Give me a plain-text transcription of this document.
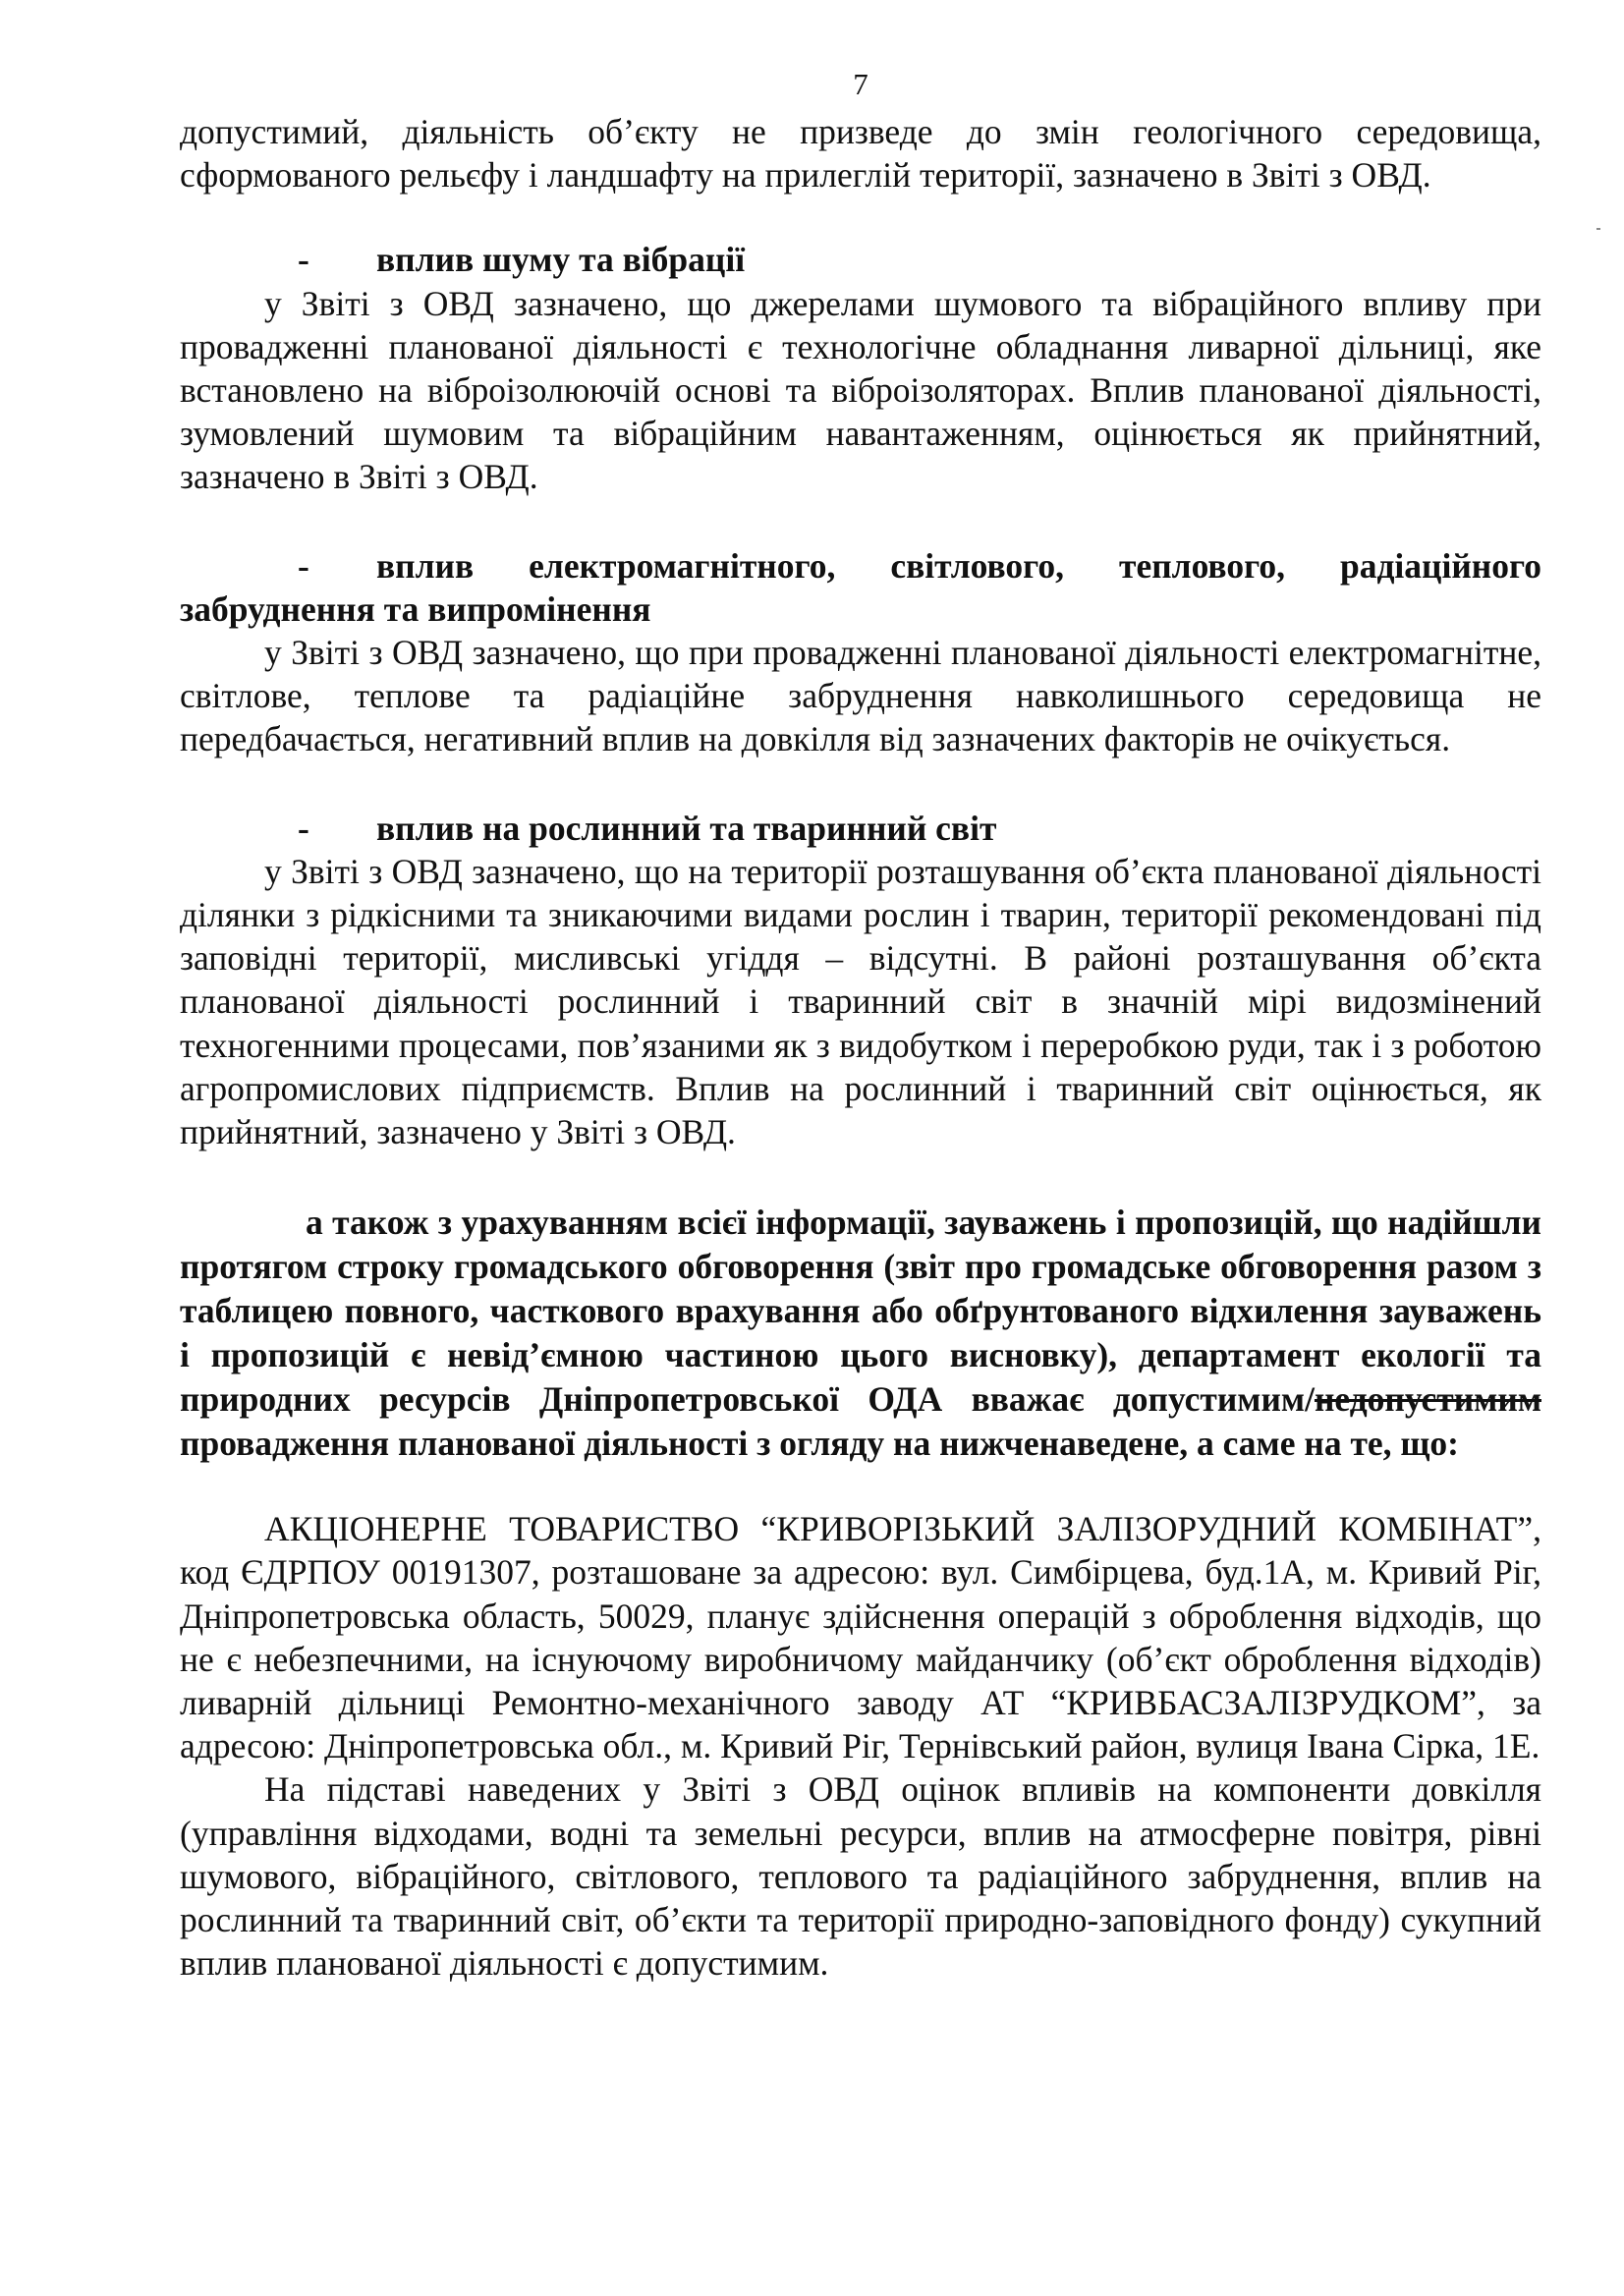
7

допустимий, діяльність об’єкту не призведе до змін геологічного середовища, сформованого рельєфу і ландшафту на прилеглій території, зазначено в Звіті з ОВД.

- вплив шуму та вібрації

у Звіті з ОВД зазначено, що джерелами шумового та вібраційного впливу при провадженні планованої діяльності є технологічне обладнання ливарної дільниці, яке встановлено на віброізолюючій основі та віброізоляторах. Вплив планованої діяльності, зумовлений шумовим та вібраційним навантаженням, оцінюється як прийнятний, зазначено в Звіті з ОВД.

- вплив електромагнітного, світлового, теплового, радіаційного забруднення та випромінення

у Звіті з ОВД зазначено, що при провадженні планованої діяльності електромагнітне, світлове, теплове та радіаційне забруднення навколишнього середовища не передбачається, негативний вплив на довкілля від зазначених факторів не очікується.

- вплив на рослинний та тваринний світ

у Звіті з ОВД зазначено, що на території розташування об’єкта планованої діяльності ділянки з рідкісними та зникаючими видами рослин і тварин, території рекомендовані під заповідні території, мисливські угіддя – відсутні. В районі розташування об’єкта планованої діяльності рослинний і тваринний світ в значній мірі видозмінений техногенними процесами, пов’язаними як з видобутком і переробкою руди, так і з роботою агропромислових підприємств. Вплив на рослинний і тваринний світ оцінюється, як прийнятний, зазначено у Звіті з ОВД.

а також з урахуванням всієї інформації, зауважень і пропозицій, що надійшли протягом строку громадського обговорення (звіт про громадське обговорення разом з таблицею повного, часткового врахування або обґрунтованого відхилення зауважень і пропозицій є невід’ємною частиною цього висновку), департамент екології та природних ресурсів Дніпропетровської ОДА вважає допустимим/недопустимим провадження планованої діяльності з огляду на нижченаведене, а саме на те, що:

АКЦІОНЕРНЕ ТОВАРИСТВО “КРИВОРІЗЬКИЙ ЗАЛІЗОРУДНИЙ КОМБІНАТ”, код ЄДРПОУ 00191307, розташоване за адресою: вул. Симбірцева, буд.1А, м. Кривий Ріг, Дніпропетровська область, 50029, планує здійснення операцій з оброблення відходів, що не є небезпечними, на існуючому виробничому майданчику (об’єкт оброблення відходів) ливарній дільниці Ремонтно-механічного заводу АТ “КРИВБАСЗАЛІЗРУДКОМ”, за адресою: Дніпропетровська обл., м. Кривий Ріг, Тернівський район, вулиця Івана Сірка, 1Е.

На підставі наведених у Звіті з ОВД оцінок впливів на компоненти довкілля (управління відходами, водні та земельні ресурси, вплив на атмосферне повітря, рівні шумового, вібраційного, світлового, теплового та радіаційного забруднення, вплив на рослинний та тваринний світ, об’єкти та території природно-заповідного фонду) сукупний вплив планованої діяльності є допустимим.
